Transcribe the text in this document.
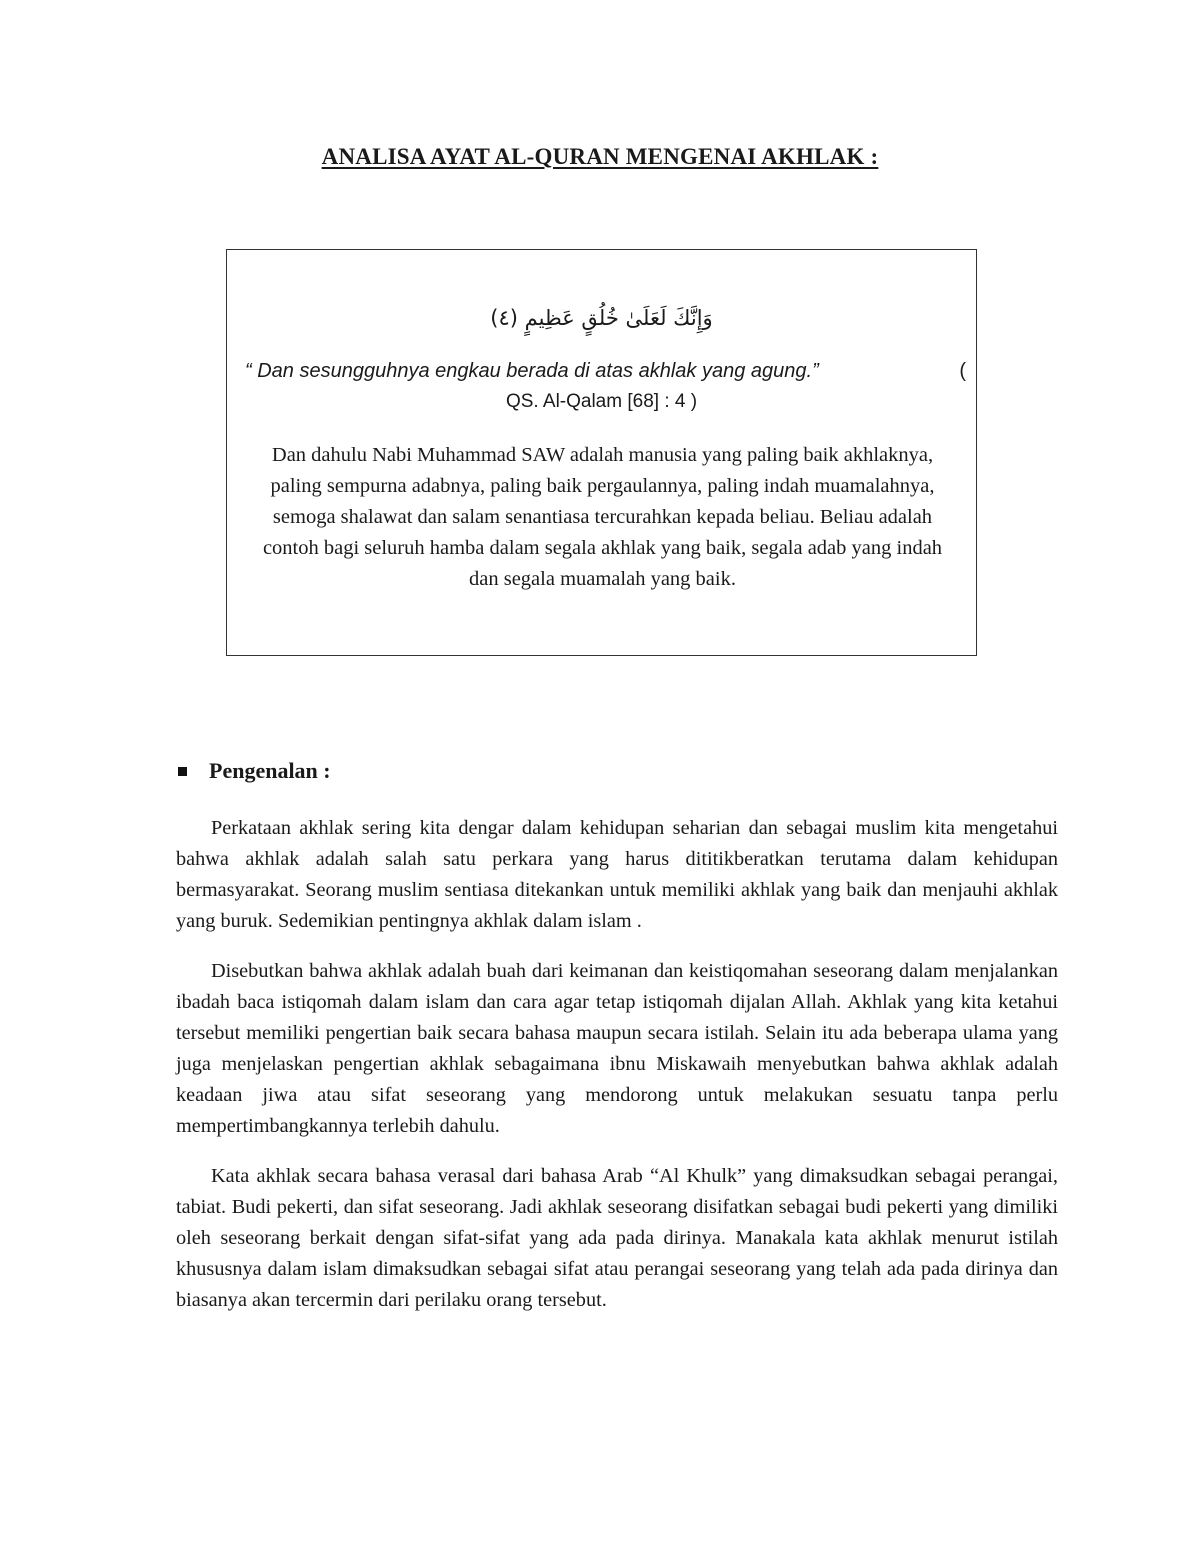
ANALISA AYAT AL-QURAN MENGENAI AKHLAK :
وَإِنَّكَ لَعَلَىٰ خُلُقٍ عَظِيمٍ (٤)
“ Dan sesungguhnya engkau berada di atas akhlak yang agung.”	(
QS. Al-Qalam [68] : 4 )
Dan dahulu Nabi Muhammad SAW adalah manusia yang paling baik akhlaknya, paling sempurna adabnya, paling baik pergaulannya, paling indah muamalahnya, semoga shalawat dan salam senantiasa tercurahkan kepada beliau. Beliau adalah contoh bagi seluruh hamba dalam segala akhlak yang baik, segala adab yang indah dan segala muamalah yang baik.
Pengenalan :

Perkataan akhlak sering kita dengar dalam kehidupan seharian dan sebagai muslim kita mengetahui bahwa akhlak adalah salah satu perkara yang harus dititikberatkan terutama dalam kehidupan bermasyarakat. Seorang muslim sentiasa ditekankan untuk memiliki akhlak yang baik dan menjauhi akhlak yang buruk. Sedemikian pentingnya akhlak dalam islam .

Disebutkan bahwa akhlak adalah buah dari keimanan dan keistiqomahan seseorang dalam menjalankan ibadah baca istiqomah dalam islam dan cara agar tetap istiqomah dijalan Allah. Akhlak yang kita ketahui tersebut memiliki pengertian baik secara bahasa maupun secara istilah. Selain itu ada beberapa ulama yang juga menjelaskan pengertian akhlak sebagaimana ibnu Miskawaih menyebutkan bahwa akhlak adalah keadaan jiwa atau sifat seseorang yang mendorong untuk melakukan sesuatu tanpa perlu mempertimbangkannya terlebih dahulu.

Kata akhlak secara bahasa verasal dari bahasa Arab “Al Khulk” yang dimaksudkan sebagai perangai, tabiat. Budi pekerti, dan sifat seseorang. Jadi akhlak seseorang disifatkan sebagai budi pekerti yang dimiliki oleh seseorang berkait dengan sifat-sifat yang ada pada dirinya. Manakala kata akhlak menurut istilah khususnya dalam islam dimaksudkan sebagai sifat atau perangai seseorang yang telah ada pada dirinya dan biasanya akan tercermin dari perilaku orang tersebut.
